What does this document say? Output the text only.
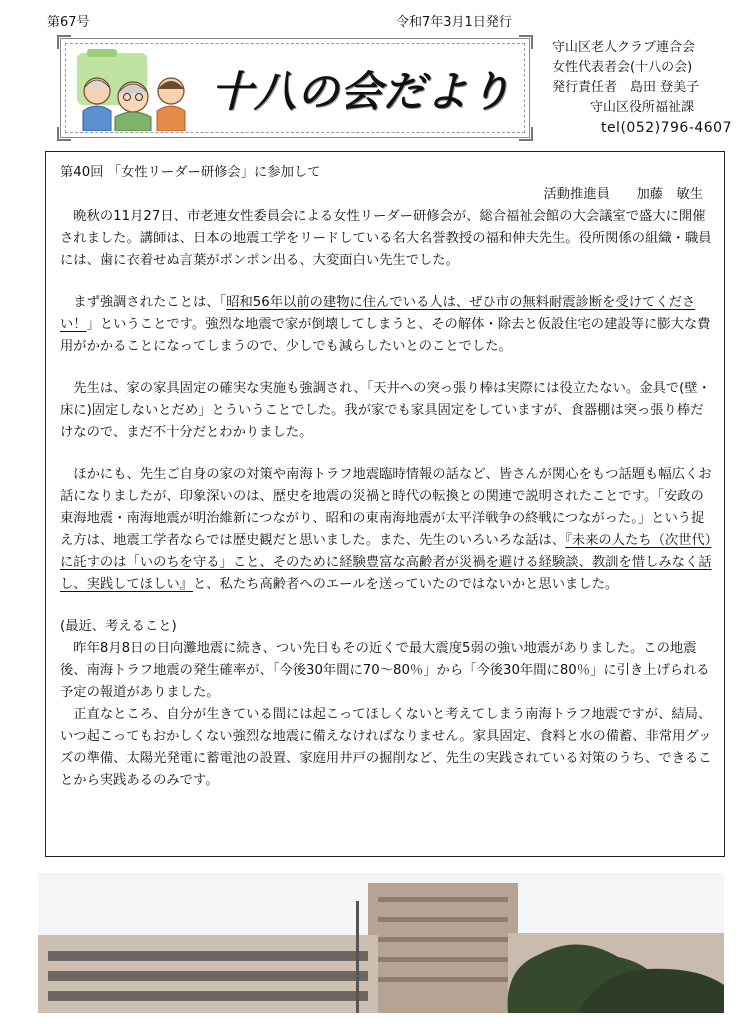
第67号	令和7年3月1日発行
十八の会だより
守山区老人クラブ連合会
女性代表者会(十八の会)
発行責任者　島田 登美子
守山区役所福祉課
tel(052)796-4607
第40回 「女性リーダー研修会」に参加して
活動推進員　　加藤　敏生

晩秋の11月27日、市老連女性委員会による女性リーダー研修会が、総合福祉会館の大会議室で盛大に開催されました。講師は、日本の地震工学をリードしている名大名誉教授の福和伸夫先生。役所関係の組織・職員には、歯に衣着せぬ言葉がポンポン出る、大変面白い先生でした。

まず強調されたことは、「昭和56年以前の建物に住んでいる人は、ぜひ市の無料耐震診断を受けてください！」ということです。強烈な地震で家が倒壊してしまうと、その解体・除去と仮設住宅の建設等に膨大な費用がかかることになってしまうので、少しでも減らしたいとのことでした。

先生は、家の家具固定の確実な実施も強調され、「天井への突っ張り棒は実際には役立たない。金具で(壁・床に)固定しないとだめ」とういうことでした。我が家でも家具固定をしていますが、食器棚は突っ張り棒だけなので、まだ不十分だとわかりました。

ほかにも、先生ご自身の家の対策や南海トラフ地震臨時情報の話など、皆さんが関心をもつ話題も幅広くお話になりましたが、印象深いのは、歴史を地震の災禍と時代の転換との関連で説明されたことです。「安政の東海地震・南海地震が明治維新につながり、昭和の東南海地震が太平洋戦争の終戦につながった。」という捉え方は、地震工学者ならでは歴史観だと思いました。また、先生のいろいろな話は、『未来の人たち（次世代）に託すのは「いのちを守る」こと、そのために経験豊富な高齢者が災禍を避ける経験談、教訓を惜しみなく話し、実践してほしい』と、私たち高齢者へのエールを送っていたのではないかと思いました。

(最近、考えること)

昨年8月8日の日向灘地震に続き、つい先日もその近くで最大震度5弱の強い地震がありました。この地震後、南海トラフ地震の発生確率が、「今後30年間に70～80％」から「今後30年間に80％」に引き上げられる予定の報道がありました。

正直なところ、自分が生きている間には起こってほしくないと考えてしまう南海トラフ地震ですが、結局、いつ起こってもおかしくない強烈な地震に備えなければなりません。家具固定、食料と水の備蓄、非常用グッズの準備、太陽光発電に蓄電池の設置、家庭用井戸の掘削など、先生の実践されている対策のうち、できることから実践あるのみです。
